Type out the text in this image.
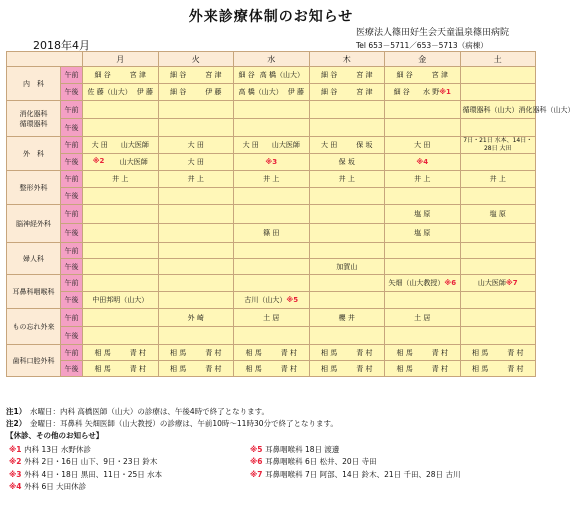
外来診療体制のお知らせ
医療法人篠田好生会天童温泉篠田病院
Tel 653－5711／653－5713（病棟）
2018年4月
		月	火	水	木	金	土
内　科	午前	細 谷 宮 津	細 谷 宮 津	細 谷 高 橋（山大）	細 谷 宮 津	細 谷 宮 津	

	午後	佐 藤（山大） 伊 藤	細 谷 伊 藤	高 橋（山大） 伊 藤	細 谷 宮 津	細 谷 水 野※1	

消化器科
循環器科	午前						循環器科（山大） 消化器科（山大）

	午後						
外　科	午前	大 田 山大医師	大 田	大 田 山大医師	大 田 保 坂	大 田	7日・21日 水本、14日・28日 大田
	午後	※2 山大医師	大 田	※3	保 坂	※4	
整形外科	午前	井 上	井 上	井 上	井 上	井 上	井 上
	午後						
脳神経外科	午前					塩 原	塩 原
	午後			篠 田		塩 原	
婦人科	午前						
	午後				加賀山		
耳鼻科咽喉科	午前					矢畑（山大教授）※6	山大医師※7
	午後	中田邦明（山大）		古川（山大）※5			
もの忘れ外来	午前		外 崎	土 居	櫻 井	土 居	
	午後						
歯科口腔外科	午前	相 馬 青 村	相 馬 青 村	相 馬 青 村	相 馬 青 村	相 馬 青 村	相 馬 青 村

	午後	相 馬 青 村	相 馬 青 村	相 馬 青 村	相 馬 青 村	相 馬 青 村	相 馬 青 村
注1）　 水曜日：内科 高橋医師（山大）の診療は、午後4時で終了となります。
注2）　 金曜日：耳鼻科 矢畑医師（山大教授）の診療は、午前10時～11時30分で終了となります。
【休診、その他のお知らせ】
※1 内科 13日 水野休診
※2 外科 2日・16日 山下、9日・23日 鈴木
※3 外科 4日・18日 黒田、11日・25日 水本
※4 外科 6日 大田休診
※5 耳鼻咽喉科 18日 渡邊
※6 耳鼻咽喉科 6日 松井、20日 寺田
※7 耳鼻咽喉科 7日 阿部、14日 鈴木、21日 千田、28日 古川
